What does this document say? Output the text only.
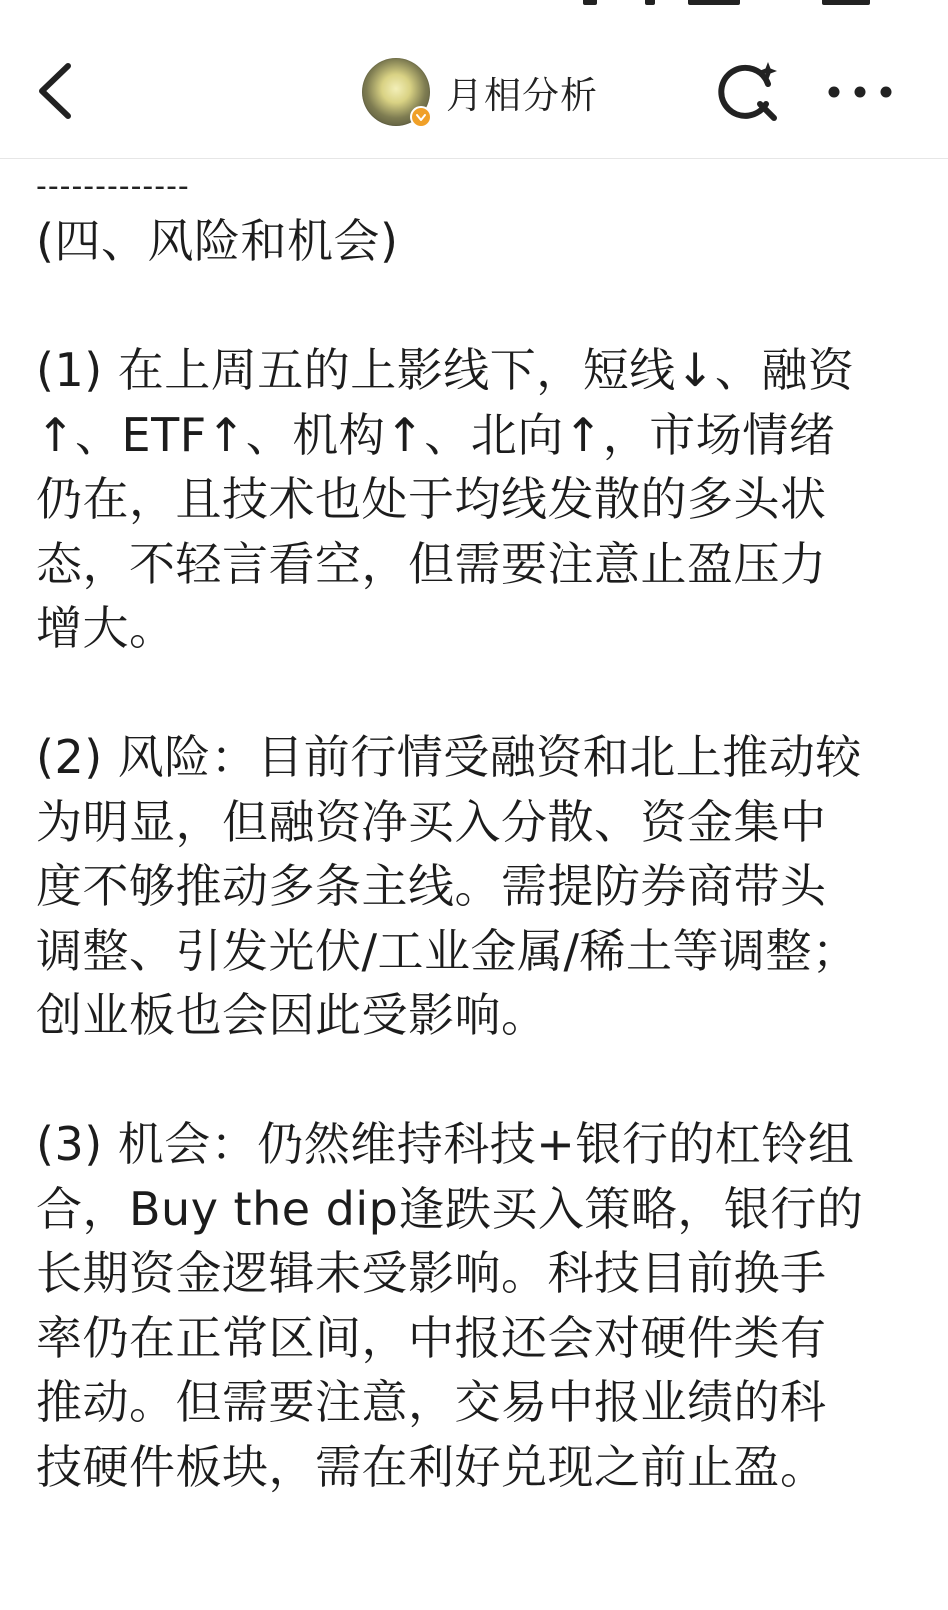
月相分析
-------------
(四、风险和机会)
(1) 在上周五的上影线下，短线↓、融资
↑、ETF↑、机构↑、北向↑，市场情绪
仍在，且技术也处于均线发散的多头状
态，不轻言看空，但需要注意止盈压力
增大。
(2) 风险：目前行情受融资和北上推动较
为明显，但融资净买入分散、资金集中
度不够推动多条主线。需提防券商带头
调整、引发光伏/工业金属/稀土等调整；
创业板也会因此受影响。
(3) 机会：仍然维持科技+银行的杠铃组
合，Buy the dip逢跌买入策略，银行的
长期资金逻辑未受影响。科技目前换手
率仍在正常区间，中报还会对硬件类有
推动。但需要注意，交易中报业绩的科
技硬件板块，需在利好兑现之前止盈。
